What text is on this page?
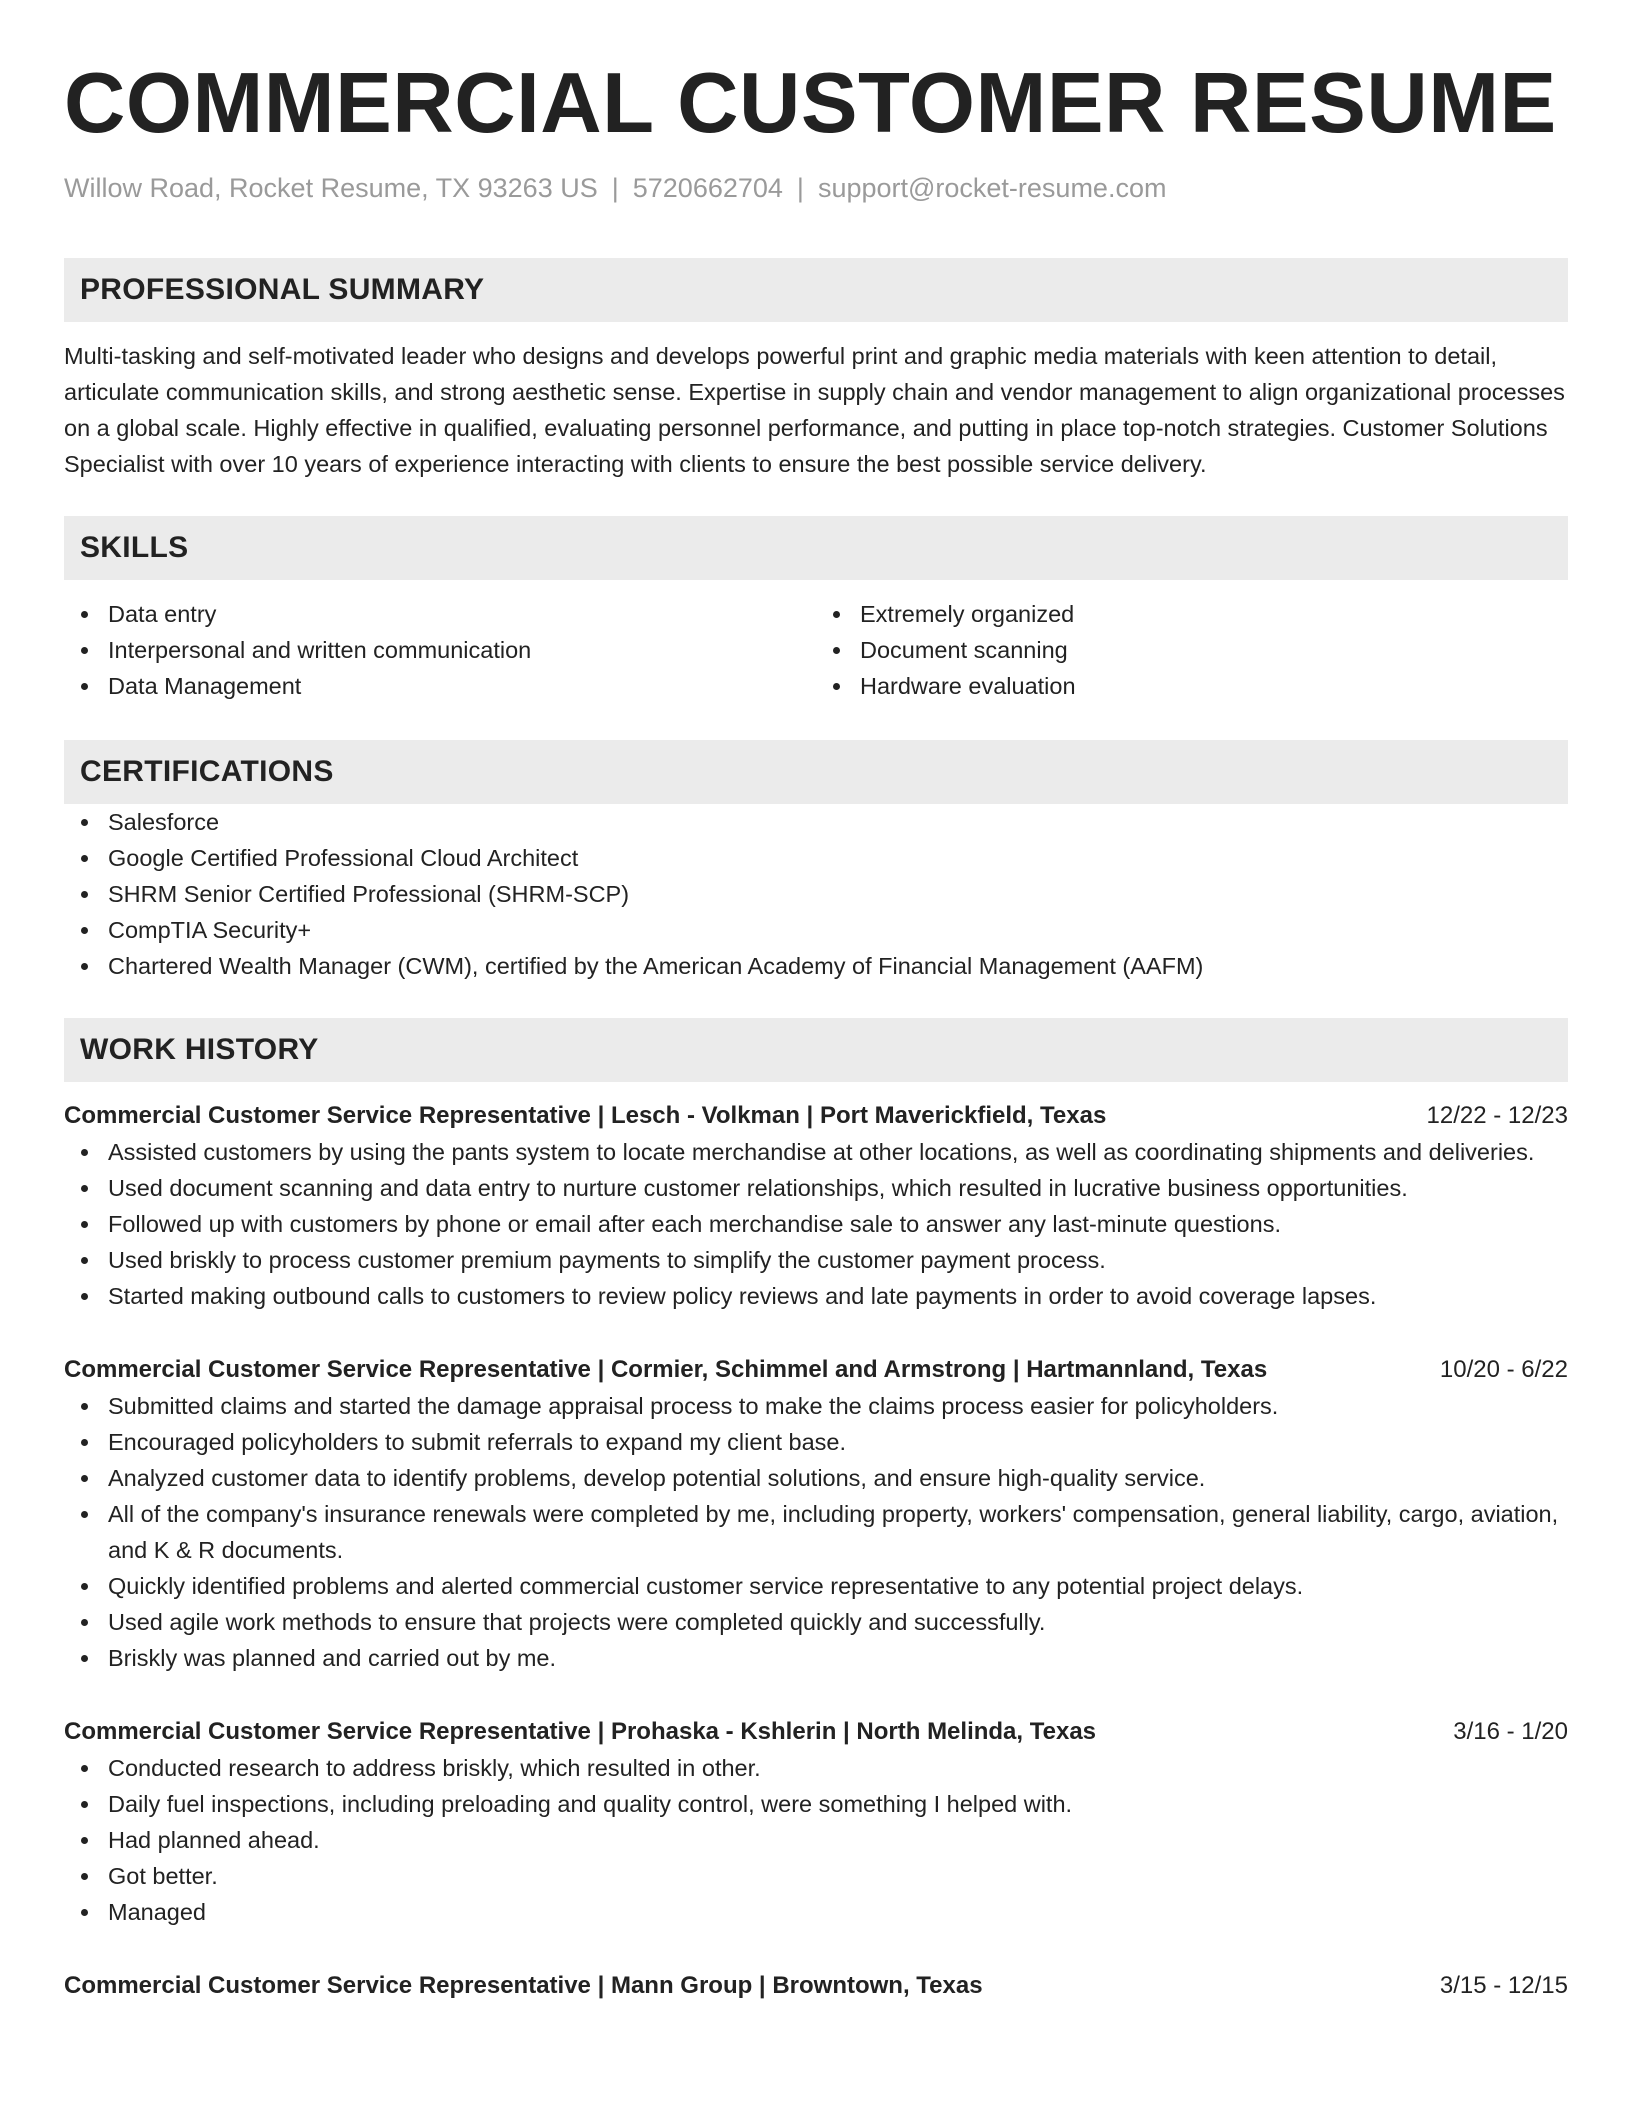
COMMERCIAL CUSTOMER RESUME
Willow Road, Rocket Resume, TX 93263 US | 5720662704 | support@rocket-resume.com
PROFESSIONAL SUMMARY
Multi-tasking and self-motivated leader who designs and develops powerful print and graphic media materials with keen attention to detail, articulate communication skills, and strong aesthetic sense. Expertise in supply chain and vendor management to align organizational processes on a global scale. Highly effective in qualified, evaluating personnel performance, and putting in place top-notch strategies. Customer Solutions Specialist with over 10 years of experience interacting with clients to ensure the best possible service delivery.
SKILLS
Data entry
Interpersonal and written communication
Data Management
Extremely organized
Document scanning
Hardware evaluation
CERTIFICATIONS
Salesforce
Google Certified Professional Cloud Architect
SHRM Senior Certified Professional (SHRM-SCP)
CompTIA Security+
Chartered Wealth Manager (CWM), certified by the American Academy of Financial Management (AAFM)
WORK HISTORY
Commercial Customer Service Representative | Lesch - Volkman | Port Maverickfield, Texas	12/22 - 12/23
Assisted customers by using the pants system to locate merchandise at other locations, as well as coordinating shipments and deliveries.
Used document scanning and data entry to nurture customer relationships, which resulted in lucrative business opportunities.
Followed up with customers by phone or email after each merchandise sale to answer any last-minute questions.
Used briskly to process customer premium payments to simplify the customer payment process.
Started making outbound calls to customers to review policy reviews and late payments in order to avoid coverage lapses.
Commercial Customer Service Representative | Cormier, Schimmel and Armstrong | Hartmannland, Texas	10/20 - 6/22
Submitted claims and started the damage appraisal process to make the claims process easier for policyholders.
Encouraged policyholders to submit referrals to expand my client base.
Analyzed customer data to identify problems, develop potential solutions, and ensure high-quality service.
All of the company's insurance renewals were completed by me, including property, workers' compensation, general liability, cargo, aviation, and K & R documents.
Quickly identified problems and alerted commercial customer service representative to any potential project delays.
Used agile work methods to ensure that projects were completed quickly and successfully.
Briskly was planned and carried out by me.
Commercial Customer Service Representative | Prohaska - Kshlerin | North Melinda, Texas	3/16 - 1/20
Conducted research to address briskly, which resulted in other.
Daily fuel inspections, including preloading and quality control, were something I helped with.
Had planned ahead.
Got better.
Managed
Commercial Customer Service Representative | Mann Group | Browntown, Texas	3/15 - 12/15
